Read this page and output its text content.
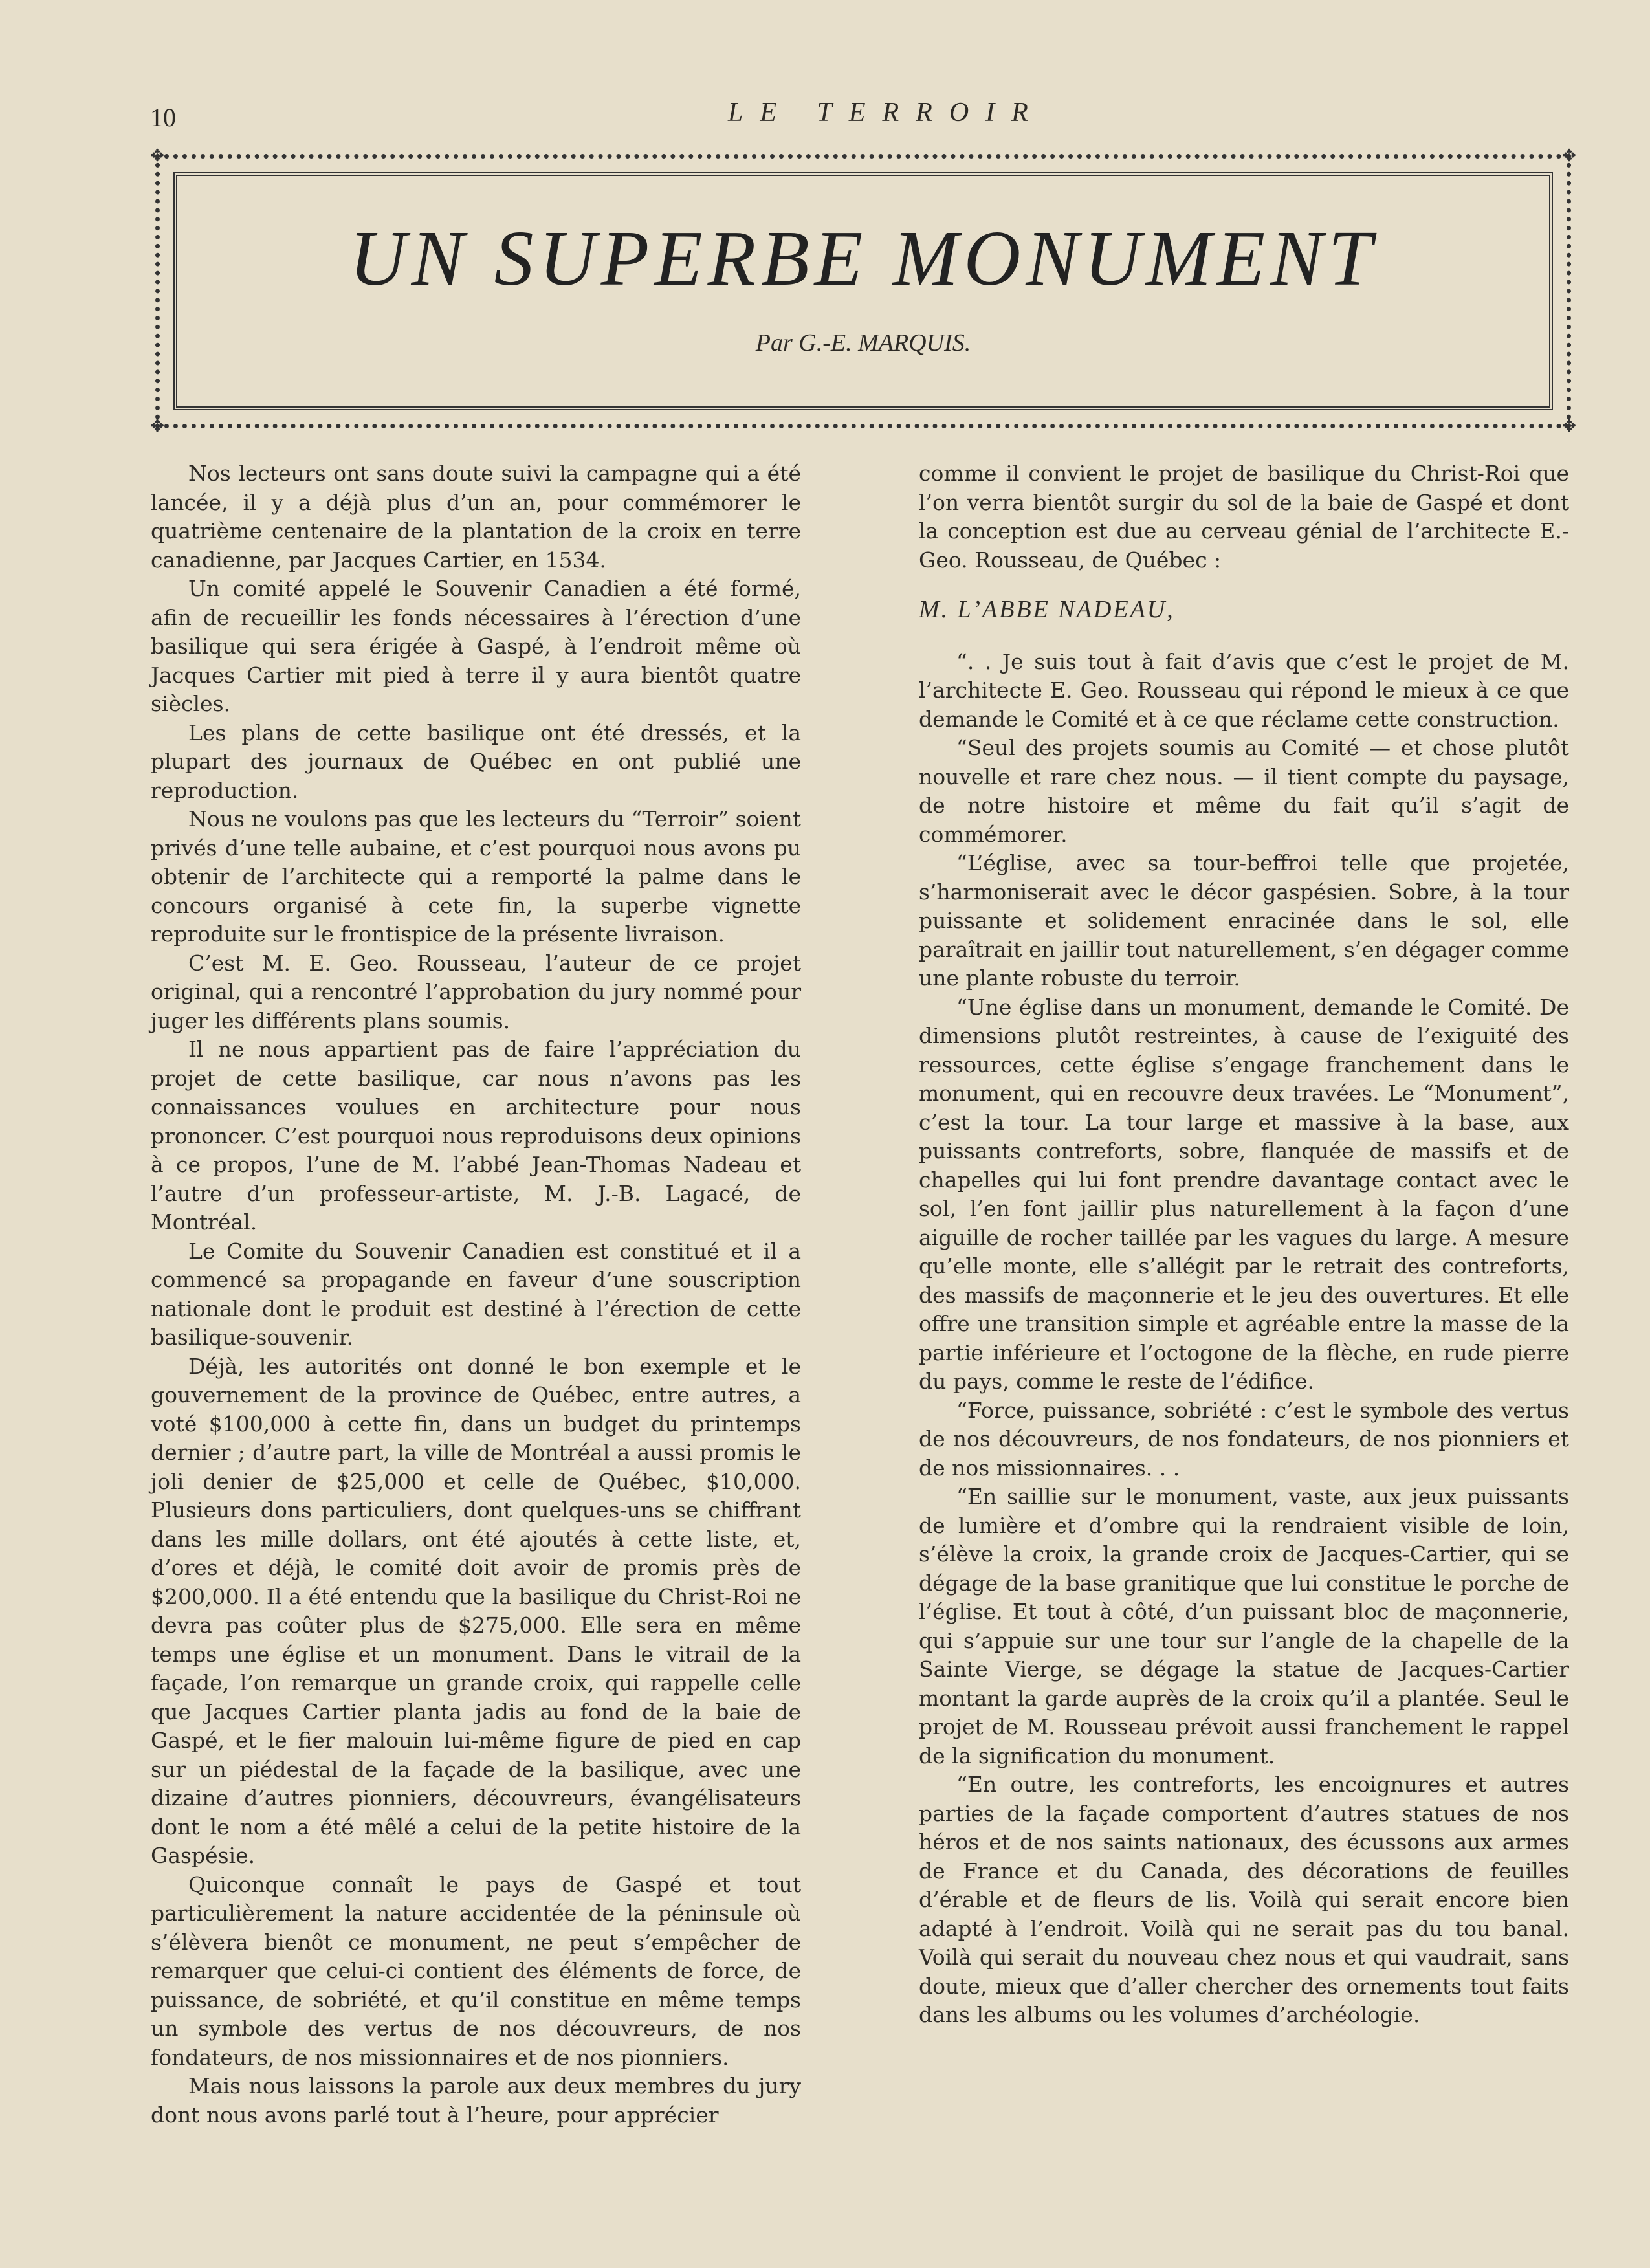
10	LE TERROIR
✥	✥
✥	✥
UN SUPERBE MONUMENT
Par G.-E. MARQUIS.

Nos lecteurs ont sans doute suivi la campagne qui a été lancée, il y a déjà plus d’un an, pour commémorer le quatrième centenaire de la plantation de la croix en terre canadienne, par Jacques Cartier, en 1534.

Un comité appelé le Souvenir Canadien a été formé, afin de recueillir les fonds nécessaires à l’érection d’une basilique qui sera érigée à Gaspé, à l’endroit même où Jacques Cartier mit pied à terre il y aura bientôt quatre siècles.

Les plans de cette basilique ont été dressés, et la plupart des journaux de Québec en ont publié une reproduction.

Nous ne voulons pas que les lecteurs du “Terroir” soient privés d’une telle aubaine, et c’est pourquoi nous avons pu obtenir de l’architecte qui a remporté la palme dans le concours organisé à cete fin, la superbe vignette reproduite sur le frontispice de la présente livraison.

C’est M. E. Geo. Rousseau, l’auteur de ce projet original, qui a rencontré l’approbation du jury nommé pour juger les différents plans soumis.

Il ne nous appartient pas de faire l’appréciation du projet de cette basilique, car nous n’avons pas les connaissances voulues en architecture pour nous prononcer. C’est pourquoi nous reproduisons deux opinions à ce propos, l’une de M. l’abbé Jean-Thomas Nadeau et l’autre d’un professeur-artiste, M. J.-B. Lagacé, de Montréal.

Le Comite du Souvenir Canadien est constitué et il a commencé sa propagande en faveur d’une souscription nationale dont le produit est destiné à l’érection de cette basilique-souvenir.

Déjà, les autorités ont donné le bon exemple et le gouvernement de la province de Québec, entre autres, a voté $100,000 à cette fin, dans un budget du printemps dernier ; d’autre part, la ville de Montréal a aussi promis le joli denier de $25,000 et celle de Québec, $10,000. Plusieurs dons particuliers, dont quelques-uns se chiffrant dans les mille dollars, ont été ajoutés à cette liste, et, d’ores et déjà, le comité doit avoir de promis près de $200,000. Il a été entendu que la basilique du Christ-Roi ne devra pas coûter plus de $275,000. Elle sera en même temps une église et un monument. Dans le vitrail de la façade, l’on remarque un grande croix, qui rappelle celle que Jacques Cartier planta jadis au fond de la baie de Gaspé, et le fier malouin lui-même figure de pied en cap sur un piédestal de la façade de la basilique, avec une dizaine d’autres pionniers, découvreurs, évangélisateurs dont le nom a été mêlé a celui de la petite histoire de la Gaspésie.

Quiconque connaît le pays de Gaspé et tout particulièrement la nature accidentée de la péninsule où s’élèvera bienôt ce monument, ne peut s’empêcher de remarquer que celui-ci contient des éléments de force, de puissance, de sobriété, et qu’il constitue en même temps un symbole des vertus de nos découvreurs, de nos fondateurs, de nos missionnaires et de nos pionniers.

Mais nous laissons la parole aux deux membres du jury dont nous avons parlé tout à l’heure, pour apprécier

comme il convient le projet de basilique du Christ-Roi que l’on verra bientôt surgir du sol de la baie de Gaspé et dont la conception est due au cerveau génial de l’architecte E.-Geo. Rousseau, de Québec :

M. L’ABBE NADEAU,

“. . Je suis tout à fait d’avis que c’est le projet de M. l’architecte E. Geo. Rousseau qui répond le mieux à ce que demande le Comité et à ce que réclame cette construction.

“Seul des projets soumis au Comité — et chose plutôt nouvelle et rare chez nous. — il tient compte du paysage, de notre histoire et même du fait qu’il s’agit de commémorer.

“L’église, avec sa tour-beffroi telle que projetée, s’harmoniserait avec le décor gaspésien. Sobre, à la tour puissante et solidement enracinée dans le sol, elle paraîtrait en jaillir tout naturellement, s’en dégager comme une plante robuste du terroir.

“Une église dans un monument, demande le Comité. De dimensions plutôt restreintes, à cause de l’exiguité des ressources, cette église s’engage franchement dans le monument, qui en recouvre deux travées. Le “Monument”, c’est la tour. La tour large et massive à la base, aux puissants contreforts, sobre, flanquée de massifs et de chapelles qui lui font prendre davantage contact avec le sol, l’en font jaillir plus naturellement à la façon d’une aiguille de rocher taillée par les vagues du large. A mesure qu’elle monte, elle s’allégit par le retrait des contreforts, des massifs de maçonnerie et le jeu des ouvertures. Et elle offre une transition simple et agréable entre la masse de la partie inférieure et l’octogone de la flèche, en rude pierre du pays, comme le reste de l’édifice.

“Force, puissance, sobriété : c’est le symbole des vertus de nos découvreurs, de nos fondateurs, de nos pionniers et de nos missionnaires. . .

“En saillie sur le monument, vaste, aux jeux puissants de lumière et d’ombre qui la rendraient visible de loin, s’élève la croix, la grande croix de Jacques-Cartier, qui se dégage de la base granitique que lui constitue le porche de l’église. Et tout à côté, d’un puissant bloc de maçonnerie, qui s’appuie sur une tour sur l’angle de la chapelle de la Sainte Vierge, se dégage la statue de Jacques-Cartier montant la garde auprès de la croix qu’il a plantée. Seul le projet de M. Rousseau prévoit aussi franchement le rappel de la signification du monument.

“En outre, les contreforts, les encoignures et autres parties de la façade comportent d’autres statues de nos héros et de nos saints nationaux, des écussons aux armes de France et du Canada, des décorations de feuilles d’érable et de fleurs de lis. Voilà qui serait encore bien adapté à l’endroit. Voilà qui ne serait pas du tou banal. Voilà qui serait du nouveau chez nous et qui vaudrait, sans doute, mieux que d’aller chercher des ornements tout faits dans les albums ou les volumes d’archéologie.
